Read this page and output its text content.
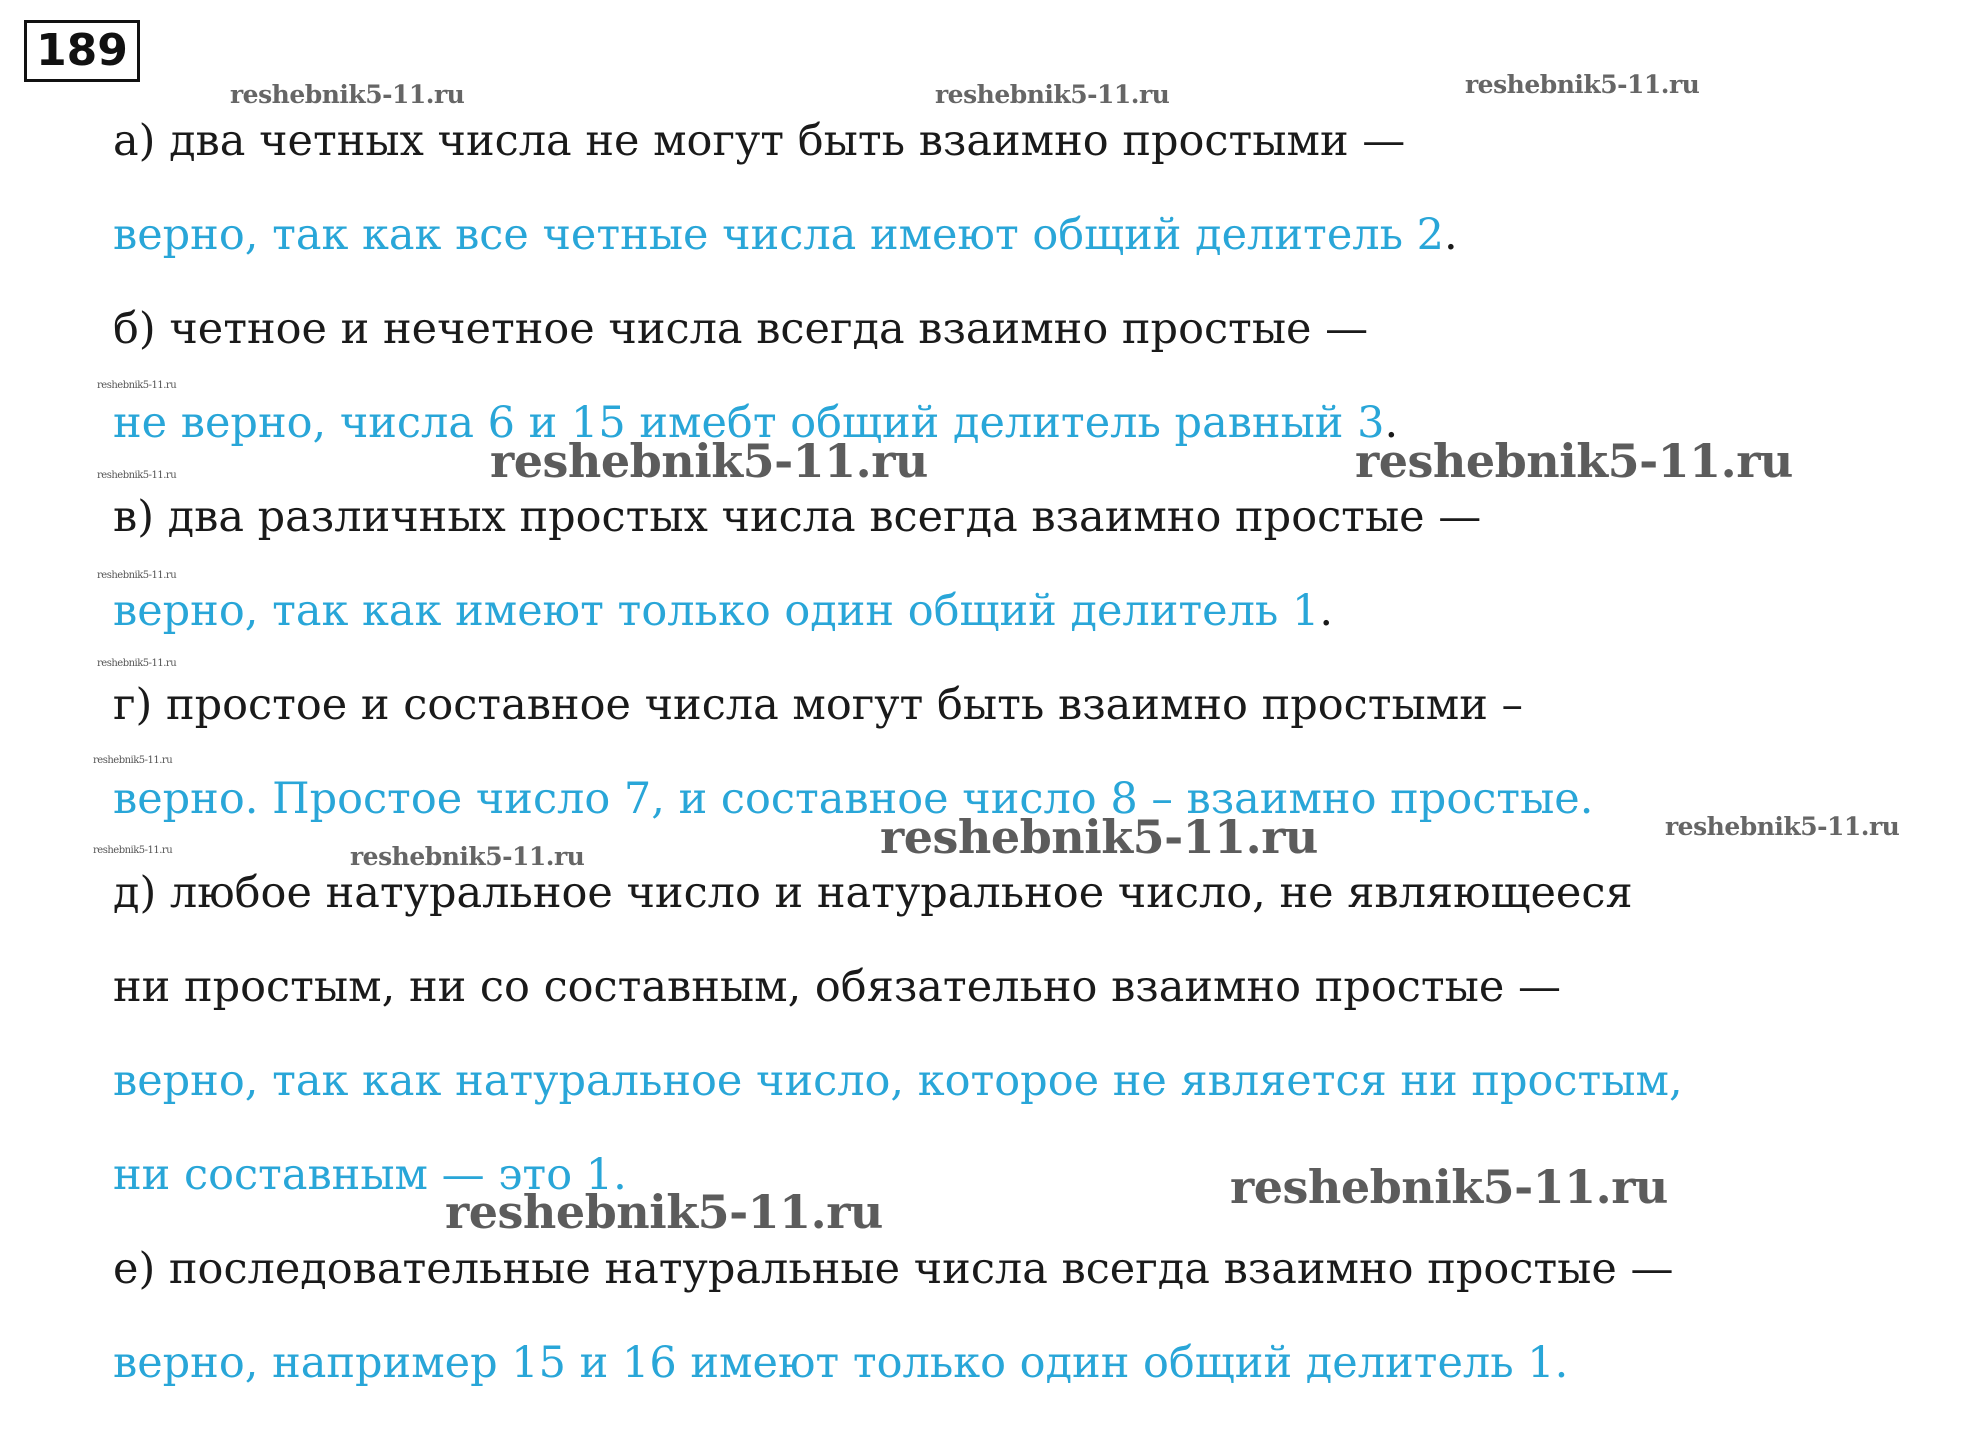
189
а) два четных числа не могут быть взаимно простыми —
верно, так как все четные числа имеют общий делитель 2.
б) четное и нечетное числа всегда взаимно простые —
не верно, числа 6 и 15 имебт общий делитель равный 3.
в) два различных простых числа всегда взаимно простые —
верно, так как имеют только один общий делитель 1.
г) простое и составное числа могут быть взаимно простыми –
верно. Простое число 7, и составное число 8 – взаимно простые.
д) любое натуральное число и натуральное число, не являющееся
ни простым, ни со составным, обязательно взаимно простые —
верно, так как натуральное число, которое не является ни простым,
ни составным — это 1.
е) последовательные натуральные числа всегда взаимно простые —
верно, например 15 и 16 имеют только один общий делитель 1.
reshebnik5-11.ru	reshebnik5-11.ru	reshebnik5-11.ru
reshebnik5-11.ru
reshebnik5-11.ru
reshebnik5-11.ru
reshebnik5-11.ru
reshebnik5-11.ru
reshebnik5-11.ru
reshebnik5-11.ru	reshebnik5-11.ru
reshebnik5-11.ru	reshebnik5-11.ru	reshebnik5-11.ru
reshebnik5-11.ru	reshebnik5-11.ru
